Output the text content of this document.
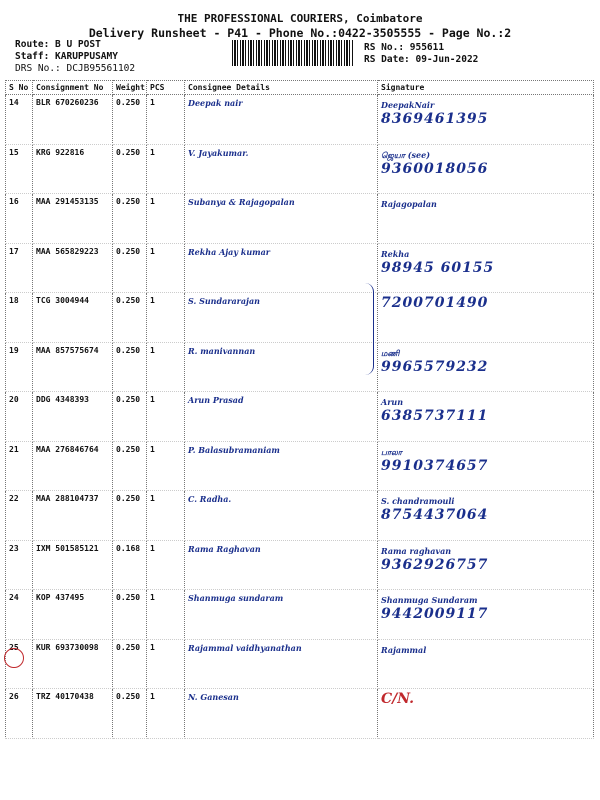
THE PROFESSIONAL COURIERS, Coimbatore
Delivery Runsheet - P41 - Phone No.:0422-3505555 - Page No.:2
Route: B U POST
Staff: KARUPPUSAMY
DRS No.: DCJB95561102
RS No.: 955611
RS Date: 09-Jun-2022
S No	Consignment No	Weight	PCS	Consignee Details	Signature
14	BLR 670260236	0.250	1	Deepak nair	DeepakNair
8369461395

15	KRG 922816	0.250	1	V. Jayakumar.	ஜெயா (see)
9360018056

16	MAA 291453135	0.250	1	Subanya & Rajagopalan	Rajagopalan

17	MAA 565829223	0.250	1	Rekha Ajay kumar	Rekha
98945 60155

18	TCG 3004944	0.250	1	S. Sundararajan	7200701490

19	MAA 857575674	0.250	1	R. manivannan	மணி
9965579232

20	DDG 4348393	0.250	1	Arun Prasad	Arun
6385737111

21	MAA 276846764	0.250	1	P. Balasubramaniam	பாலா
9910374657

22	MAA 288104737	0.250	1	C. Radha.	S. chandramouli
8754437064

23	IXM 501585121	0.168	1	Rama Raghavan	Rama raghavan
9362926757

24	KOP 437495	0.250	1	Shanmuga sundaram	Shanmuga Sundaram
9442009117

25	KUR 693730098	0.250	1	Rajammal vaidhyanathan	Rajammal

26	TRZ 40170438	0.250	1	N. Ganesan	C/N.
